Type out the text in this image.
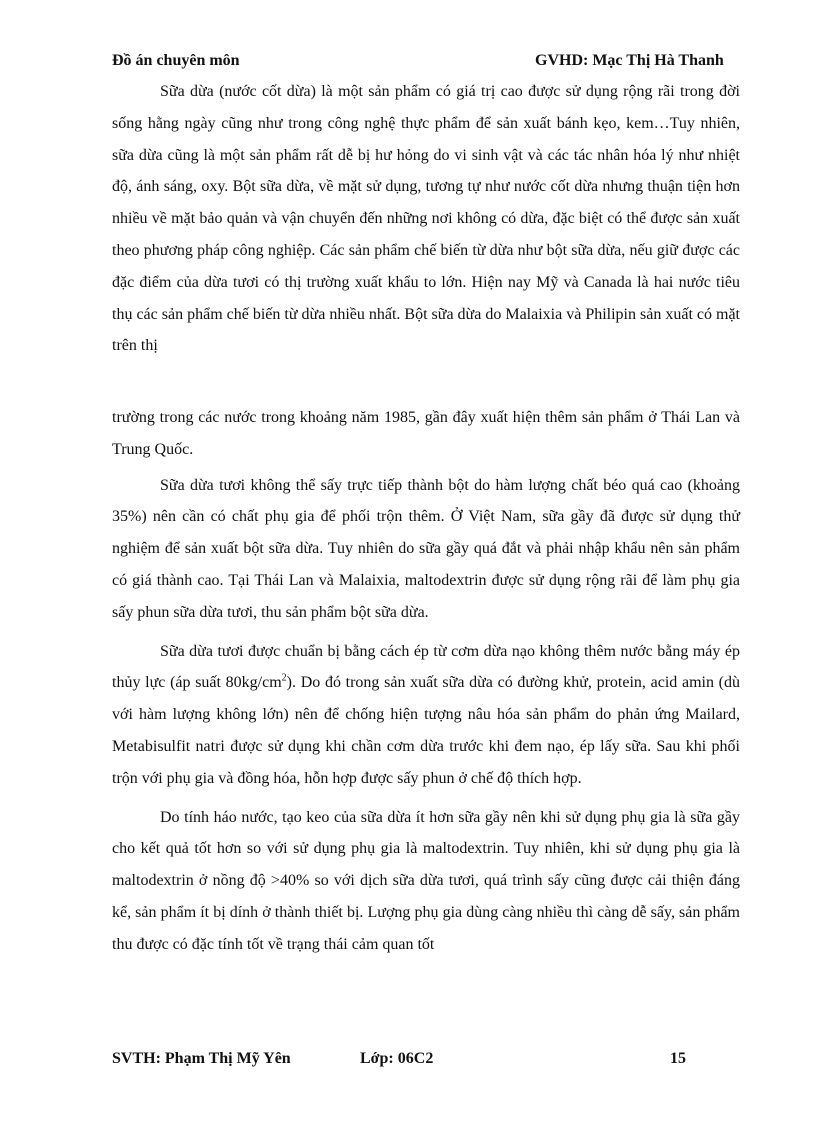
Đồ án chuyên môn	GVHD: Mạc Thị Hà Thanh

Sữa dừa (nước cốt dừa) là một sản phẩm có giá trị cao được sử dụng rộng rãi trong đời sống hằng ngày cũng như trong công nghệ thực phẩm để sản xuất bánh kẹo, kem…Tuy nhiên, sữa dừa cũng là một sản phẩm rất dễ bị hư hỏng do vi sinh vật và các tác nhân hóa lý như nhiệt độ, ánh sáng, oxy. Bột sữa dừa, về mặt sử dụng, tương tự như nước cốt dừa nhưng thuận tiện hơn nhiều về mặt bảo quản và vận chuyển đến những nơi không có dừa, đặc biệt có thể được sản xuất theo phương pháp công nghiệp. Các sản phẩm chế biến từ dừa như bột sữa dừa, nếu giữ được các đặc điểm của dừa tươi có thị trường xuất khẩu to lớn. Hiện nay Mỹ và Canada là hai nước tiêu thụ các sản phẩm chế biến từ dừa nhiều nhất. Bột sữa dừa do Malaixia và Philipin sản xuất có mặt trên thị

trường trong các nước trong khoảng năm 1985, gần đây xuất hiện thêm sản phẩm ở Thái Lan và Trung Quốc.

Sữa dừa tươi không thể sấy trực tiếp thành bột do hàm lượng chất béo quá cao (khoảng 35%) nên cần có chất phụ gia để phối trộn thêm. Ở Việt Nam, sữa gầy đã được sử dụng thử nghiệm để sản xuất bột sữa dừa. Tuy nhiên do sữa gầy quá đắt và phải nhập khẩu nên sản phẩm có giá thành cao. Tại Thái Lan và Malaixia, maltodextrin được sử dụng rộng rãi để làm phụ gia sấy phun sữa dừa tươi, thu sản phẩm bột sữa dừa.

Sữa dừa tươi được chuẩn bị bằng cách ép từ cơm dừa nạo không thêm nước bằng máy ép thủy lực (áp suất $80kg/cm^2$). Do đó trong sản xuất sữa dừa có đường khử, protein, acid amin (dù với hàm lượng không lớn) nên để chống hiện tượng nâu hóa sản phẩm do phản ứng Mailard, Metabisulfit natri được sử dụng khi chần cơm dừa trước khi đem nạo, ép lấy sữa. Sau khi phối trộn với phụ gia và đồng hóa, hỗn hợp được sấy phun ở chế độ thích hợp.

Do tính háo nước, tạo keo của sữa dừa ít hơn sữa gầy nên khi sử dụng phụ gia là sữa gầy cho kết quả tốt hơn so với sử dụng phụ gia là maltodextrin. Tuy nhiên, khi sử dụng phụ gia là maltodextrin ở nồng độ >40% so với dịch sữa dừa tươi, quá trình sấy cũng được cải thiện đáng kể, sản phẩm ít bị dính ở thành thiết bị. Lượng phụ gia dùng càng nhiều thì càng dễ sấy, sản phẩm thu được có đặc tính tốt về trạng thái cảm quan tốt

SVTH: Phạm Thị Mỹ Yên	Lớp: 06C2	15
